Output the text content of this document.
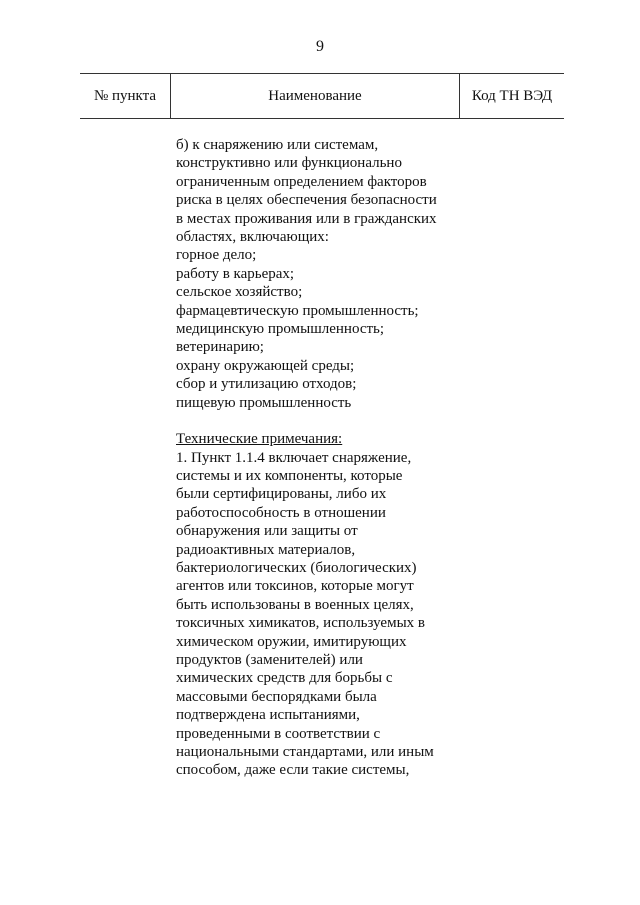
9
№ пункта	Наименование	Код ТН ВЭД
б) к снаряжению или системам,
конструктивно или функционально
ограниченным определением факторов
риска в целях обеспечения безопасности
в местах проживания или в гражданских
областях, включающих:
горное дело;
работу в карьерах;
сельское хозяйство;
фармацевтическую промышленность;
медицинскую промышленность;
ветеринарию;
охрану окружающей среды;
сбор и утилизацию отходов;
пищевую промышленность
Технические примечания:
1. Пункт 1.1.4 включает снаряжение,
системы и их компоненты, которые
были сертифицированы, либо их
работоспособность в отношении
обнаружения или защиты от
радиоактивных материалов,
бактериологических (биологических)
агентов или токсинов, которые могут
быть использованы в военных целях,
токсичных химикатов, используемых в
химическом оружии, имитирующих
продуктов (заменителей) или
химических средств для борьбы с
массовыми беспорядками была
подтверждена испытаниями,
проведенными в соответствии с
национальными стандартами, или иным
способом, даже если такие системы,
